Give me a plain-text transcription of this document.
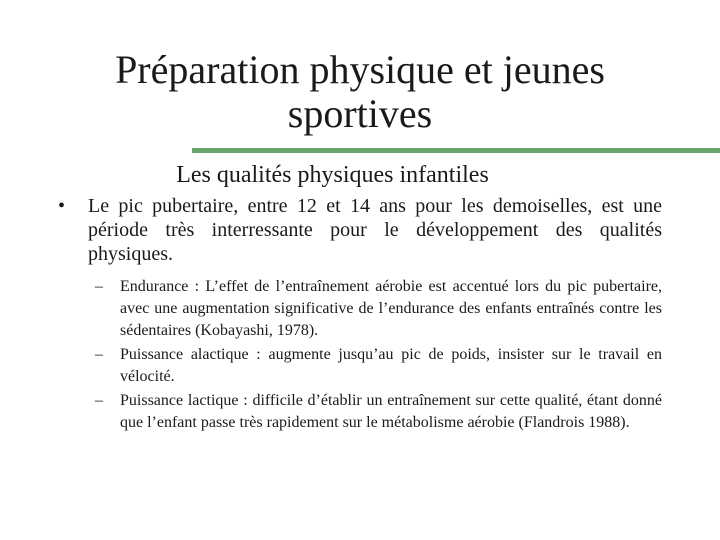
Préparation physique et jeunes
sportives
Les qualités physiques infantiles
• Le pic pubertaire, entre 12 et 14 ans pour les demoiselles, est une période très interressante pour le développement des qualités physiques.
– Endurance : L’effet de l’entraînement aérobie est accentué lors du pic pubertaire, avec une augmentation significative de l’endurance des enfants entraînés contre les sédentaires (Kobayashi, 1978).
– Puissance alactique : augmente jusqu’au pic de poids, insister sur le travail en vélocité.
– Puissance lactique : difficile d’établir un entraînement sur cette qualité, étant donné que l’enfant passe très rapidement sur le métabolisme aérobie (Flandrois 1988).
